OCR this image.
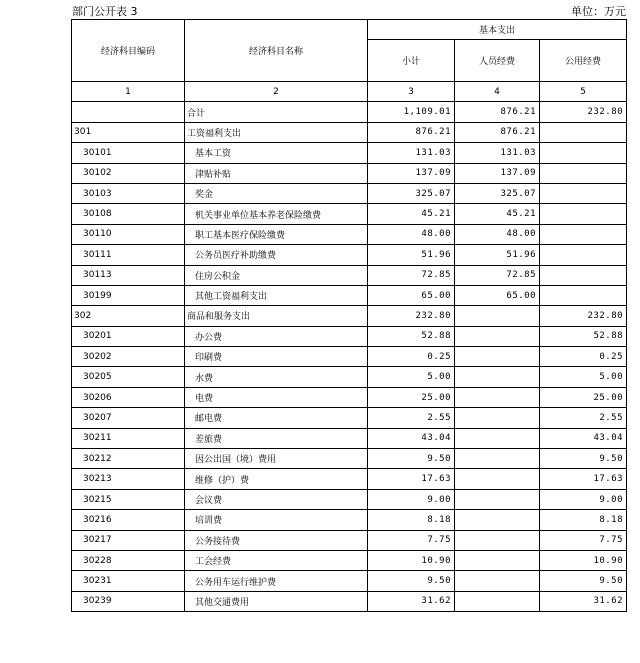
部门公开表 3	单位：万元
经济科目编码	经济科目名称	基本支出		
		小计	人员经费	公用经费
1	2	3	4	5
	合计	1,109.01	876.21	232.80
301	工资福利支出	876.21	876.21	
30101	基本工资	131.03	131.03	
30102	津贴补贴	137.09	137.09	
30103	奖金	325.07	325.07	
30108	机关事业单位基本养老保险缴费	45.21	45.21	
30110	职工基本医疗保险缴费	48.00	48.00	
30111	公务员医疗补助缴费	51.96	51.96	
30113	住房公积金	72.85	72.85	
30199	其他工资福利支出	65.00	65.00	
302	商品和服务支出	232.80		232.80
30201	办公费	52.88		52.88
30202	印刷费	0.25		0.25
30205	水费	5.00		5.00
30206	电费	25.00		25.00
30207	邮电费	2.55		2.55
30211	差旅费	43.04		43.04
30212	因公出国（境）费用	9.50		9.50
30213	维修（护）费	17.63		17.63
30215	会议费	9.00		9.00
30216	培训费	8.18		8.18
30217	公务接待费	7.75		7.75
30228	工会经费	10.90		10.90
30231	公务用车运行维护费	9.50		9.50
30239	其他交通费用	31.62		31.62
